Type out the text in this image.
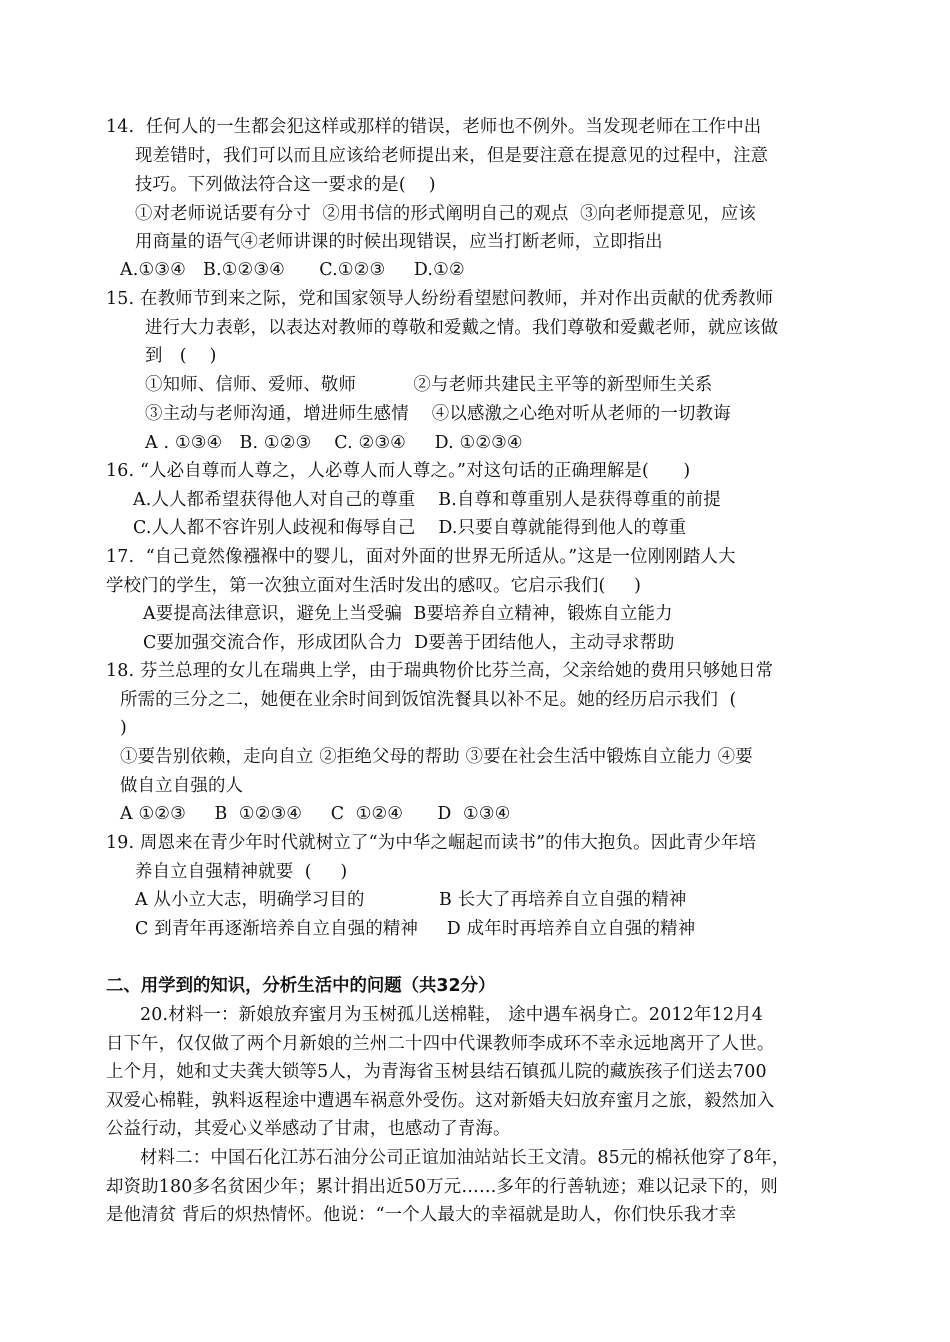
14.  任何人的一生都会犯这样或那样的错误，老师也不例外。当发现老师在工作中出
现差错时，我们可以而且应该给老师提出来，但是要注意在提意见的过程中，注意
技巧。下列做法符合这一要求的是(    )
①对老师说话要有分寸  ②用书信的形式阐明自己的观点  ③向老师提意见，应该
用商量的语气④老师讲课的时候出现错误，应当打断老师，立即指出
A.①③④   B.①②③④      C.①②③     D.①②
15. 在教师节到来之际，党和国家领导人纷纷看望慰问教师，并对作出贡献的优秀教师
进行大力表彰，以表达对教师的尊敬和爱戴之情。我们尊敬和爱戴老师，就应该做
到   (    )
①知师、信师、爱师、敬师          ②与老师共建民主平等的新型师生关系
③主动与老师沟通，增进师生感情    ④以感激之心绝对听从老师的一切教诲
A . ①③④   B. ①②③    C. ②③④     D. ①②③④
16. “人必自尊而人尊之，人必尊人而人尊之。”对这句话的正确理解是(      )
A.人人都希望获得他人对自己的尊重    B.自尊和尊重别人是获得尊重的前提
C.人人都不容许别人歧视和侮辱自己    D.只要自尊就能得到他人的尊重
17.  “自己竟然像襁褓中的婴儿，面对外面的世界无所适从。”这是一位刚刚踏人大
学校门的学生，第一次独立面对生活时发出的感叹。它启示我们(     )
A要提高法律意识，避免上当受骗  B要培养自立精神，锻炼自立能力
C要加强交流合作，形成团队合力  D要善于团结他人，主动寻求帮助
18. 芬兰总理的女儿在瑞典上学，由于瑞典物价比芬兰高，父亲给她的费用只够她日常
所需的三分之二，她便在业余时间到饭馆洗餐具以补不足。她的经历启示我们  (
)
①要告别依赖，走向自立 ②拒绝父母的帮助 ③要在社会生活中锻炼自立能力 ④要
做自立自强的人
A ①②③     B  ①②③④     C  ①②④      D  ①③④
19. 周恩来在青少年时代就树立了“为中华之崛起而读书”的伟大抱负。因此青少年培
养自立自强精神就要  (     )
A 从小立大志，明确学习目的             B 长大了再培养自立自强的精神
C 到青年再逐渐培养自立自强的精神     D 成年时再培养自立自强的精神
二、用学到的知识，分析生活中的问题（共32分）
20.材料一：新娘放弃蜜月为玉树孤儿送棉鞋， 途中遇车祸身亡。2012年12月4
日下午，仅仅做了两个月新娘的兰州二十四中代课教师李成环不幸永远地离开了人世。
上个月，她和丈夫龚大锁等5人，为青海省玉树县结石镇孤儿院的藏族孩子们送去700
双爱心棉鞋，孰料返程途中遭遇车祸意外受伤。这对新婚夫妇放弃蜜月之旅，毅然加入
公益行动，其爱心义举感动了甘肃，也感动了青海。
材料二：中国石化江苏石油分公司正谊加油站站长王文清。85元的棉袄他穿了8年，
却资助180多名贫困少年；累计捐出近50万元……多年的行善轨迹；难以记录下的，则
是他清贫 背后的炽热情怀。他说：“一个人最大的幸福就是助人，你们快乐我才幸
